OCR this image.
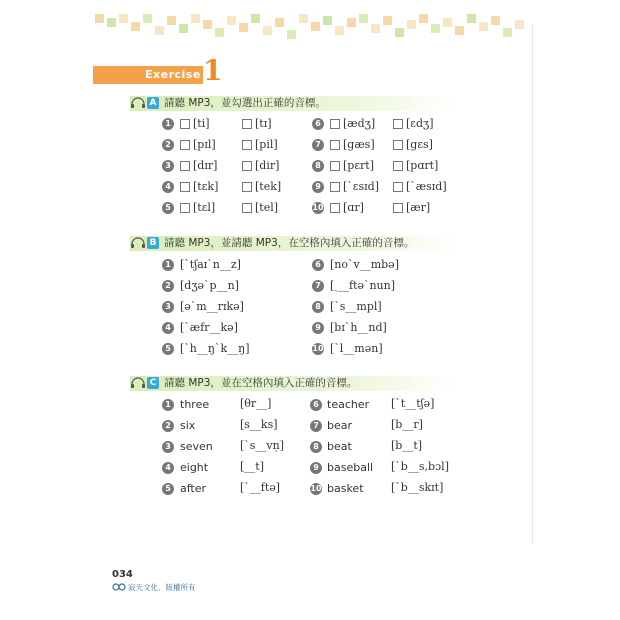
Exercise 1
A 請聽 MP3，並勾選出正確的音標。
1 [ti]	[tɪ]
2 [pɪl]	[pil]
3 [dɪr]	[dir]
4 [tɛk]	[tek]
5 [tɛl]	[tel]
6 [ædʒ]	[ɛdʒ]
7 [gæs]	[gɛs]
8 [pɛrt]	[pɑrt]
9 [ˋɛsɪd] [ˋæsɪd]
10 [ɑr]	[ær]
B 請聽 MP3，並請聽 MP3，在空格內填入正確的音標。
1 [ˋtʃaɪˋn__z]
2 [dʒəˋp__n]
3 [əˋm__rɪkə]
4 [ˋæfr__kə]
5 [ˋh__ŋˋk__ŋ]
6 [noˋv__mbə]
7 [ˏ__ftəˋnun]
8 [ˋs__mpl]
9 [bɪˋh__nd]
10 [ˋl__mən]
C 請聽 MP3，並在空格內填入正確的音標。
1 three	[θr__]
2 six	[s__ks]
3 seven [ˋs__vṇ]
4 eight	[__t]
5 after	[ˋ__ftə]
6 teacher [ˋt__tʃə]
7 bear	[b__r]
8 beat	[b__t]
9 baseball [ˋb__s,bɔl]
10 basket [ˋb__skɪt]
034
寂天文化．版權所有
